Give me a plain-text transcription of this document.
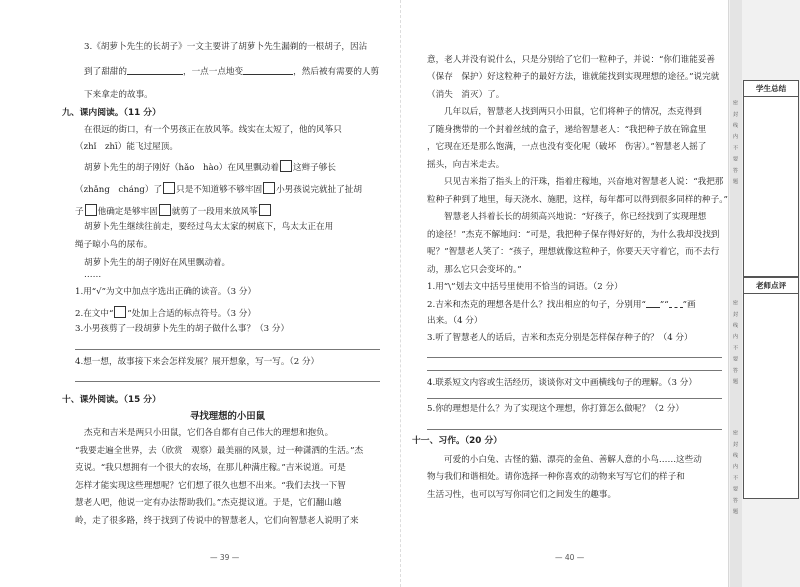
3.《胡萝卜先生的长胡子》一文主要讲了胡萝卜先生漏剃的一根胡子，因沾
到了甜甜的	，一点一点地变	，然后被有需要的人剪
下来拿走的故事。
九、课内阅读。（11 分）
在很远的街口，有一个男孩正在放风筝。线实在太短了，他的风筝只
（zhǐ　zhī）能飞过屋顶。
胡萝卜先生的胡子刚好（hǎo　hào）在风里飘动着 这辫子够长
（zhǎng　cháng）了 只是不知道够不够牢固 小男孩说完就扯了扯胡
子 他确定是够牢固 就剪了一段用来放风筝
胡萝卜先生继续往前走，要经过鸟太太家的树底下，鸟太太正在用
绳子晾小鸟的尿布。
胡萝卜先生的胡子刚好在风里飘动着。
……
1.用“√”为文中加点字选出正确的读音。（3 分）
2.在文中“ ”处加上合适的标点符号。（3 分）
3.小男孩剪了一段胡萝卜先生的胡子做什么事？（3 分）
4.想一想，故事接下来会怎样发展？展开想象，写一写。（2 分）
十、课外阅读。（15 分）
寻找理想的小田鼠
杰克和吉米是两只小田鼠，它们各自都有自己伟大的理想和抱负。
“我要走遍全世界，去（欣赏　观察）最美丽的风景，过一种潇洒的生活。”杰
克说。“我只想拥有一个很大的农场，在那儿种满庄稼。”吉米说道。可是
怎样才能实现这些理想呢？它们想了很久也想不出来。“我们去找一下智
慧老人吧，他说一定有办法帮助我们。”杰克提议道。于是，它们翻山越
岭，走了很多路，终于找到了传说中的智慧老人，它们向智慧老人说明了来
— 39 —
意，老人并没有说什么，只是分别给了它们一粒种子，并说：“你们谁能妥善
（保存　保护）好这粒种子的最好方法，谁就能找到实现理想的途径。”说完就
（消失　消灭）了。
几年以后，智慧老人找到两只小田鼠，它们将种子的情况，杰克得到
了随身携带的一个封着丝绒的盒子，递给智慧老人：“我把种子放在锦盒里
，它现在还是那么饱满，一点也没有变化呢（破坏　伤害）。”智慧老人摇了
摇头，向吉米走去。
只见吉米指了指头上的汗珠，指着庄稼地，兴奋地对智慧老人说：“我把那
粒种子种到了地里，每天浇水、施肥，这样，每年都可以得到很多同样的种子。”
智慧老人抖着长长的胡须高兴地说：“好孩子，你已经找到了实现理想
的途径！”杰克不解地问：“可是，我把种子保存得好好的，为什么我却没找到
呢？”智慧老人笑了：“孩子，理想就像这粒种子，你要天天守着它，而不去行
动，那么它只会变坏的。”
1.用“\”划去文中括号里使用不恰当的词语。（2 分）
2.吉米和杰克的理想各是什么？找出相应的句子，分别用“ ”“ ”画
出来。（4 分）
3.听了智慧老人的话后，吉米和杰克分别是怎样保存种子的？（4 分）
4.联系短文内容或生活经历，谈谈你对文中画横线句子的理解。（3 分）
5.你的理想是什么？为了实现这个理想，你打算怎么做呢？（2 分）
十一、习作。（20 分）
可爱的小白兔、古怪的猫、漂亮的金鱼、善解人意的小鸟……这些动
物与我们和谐相处。请你选择一种你喜欢的动物来写写它们的样子和
生活习性，也可以写写你同它们之间发生的趣事。
— 40 —
密　封　线　内　不　要　答　题
密　封　线　内　不　要　答　题
密　封　线　内　不　要　答　题
学生总结
老师点评
